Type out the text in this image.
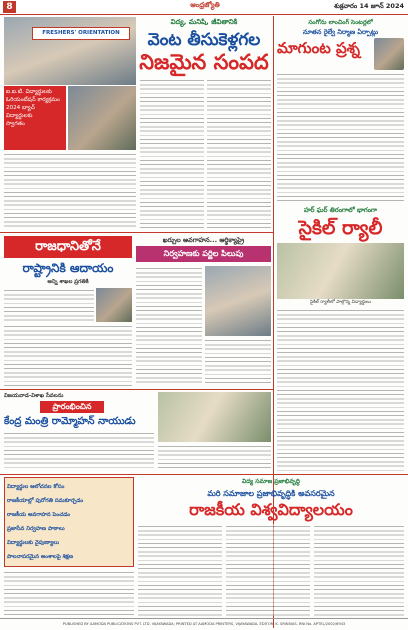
8	ఆంధ్రజ్యోతి	శుక్రవారం 14 జూన్ 2024
FRESHERS' ORIENTATION
ఐ.ఐ.టి. విద్యార్థులకు
ఓరియంటేషన్ కార్యక్రమం
2024 బ్యాచ్
విద్యార్థులకు
స్వాగతం
విద్య, మనిషి, జీవితానికి
వెంట తీసుకెళ్లగల
నిజమైన సంపద
సంగోను లాంచింగ్ సెంటర్లలో
నూతన రైల్వే నిర్మాణ ఏర్పాట్లు
మాగుంట ప్రశ్న
హర్ ఘర్ తిరంగాలో భాగంగా
సైకిల్ ర్యాలీ
సైకిల్ ర్యాలీలో పాల్గొన్న విద్యార్థులు
రాజధానితోనే
రాష్ట్రానికి ఆదాయం
అన్ని శాఖల ప్రగతికి
ఖర్చుల అవగాహన... ఆర్థిక్యాప్రై
నిర్వహణకు పర్ణిల పిలుపు
విజయవాడ-విశాఖ సేవలను
ప్రారంభించిన
కేంద్ర మంత్రి రామ్మోహన్ నాయుడు
విద్యార్థుల ఆలోచనల కోసం
రాజకీయాల్లో పురోగతి సమకూర్చడం
రాజకీయ అవగాహన పెంచడం
ప్రజాసేవ నిర్వహణ పాఠాలు
విద్యార్థులకు నైపుణ్యాలు
పాలనాపరమైన అంశాలపై శిక్షణ
విద్య సమాజ ప్రజాభివృద్ధి
మరి సమాజాల ప్రజాభివృద్ధికి అవసరమైన
రాజకీయ విశ్వవిద్యాలయం
PUBLISHED BY AAMODA PUBLICATIONS PVT. LTD. VIJAYAWADA; PRINTED AT AAMODA PRINTERS, VIJAYAWADA. EDITOR: K. SRINIVAS. RNI No. APTEL/2002/6943
